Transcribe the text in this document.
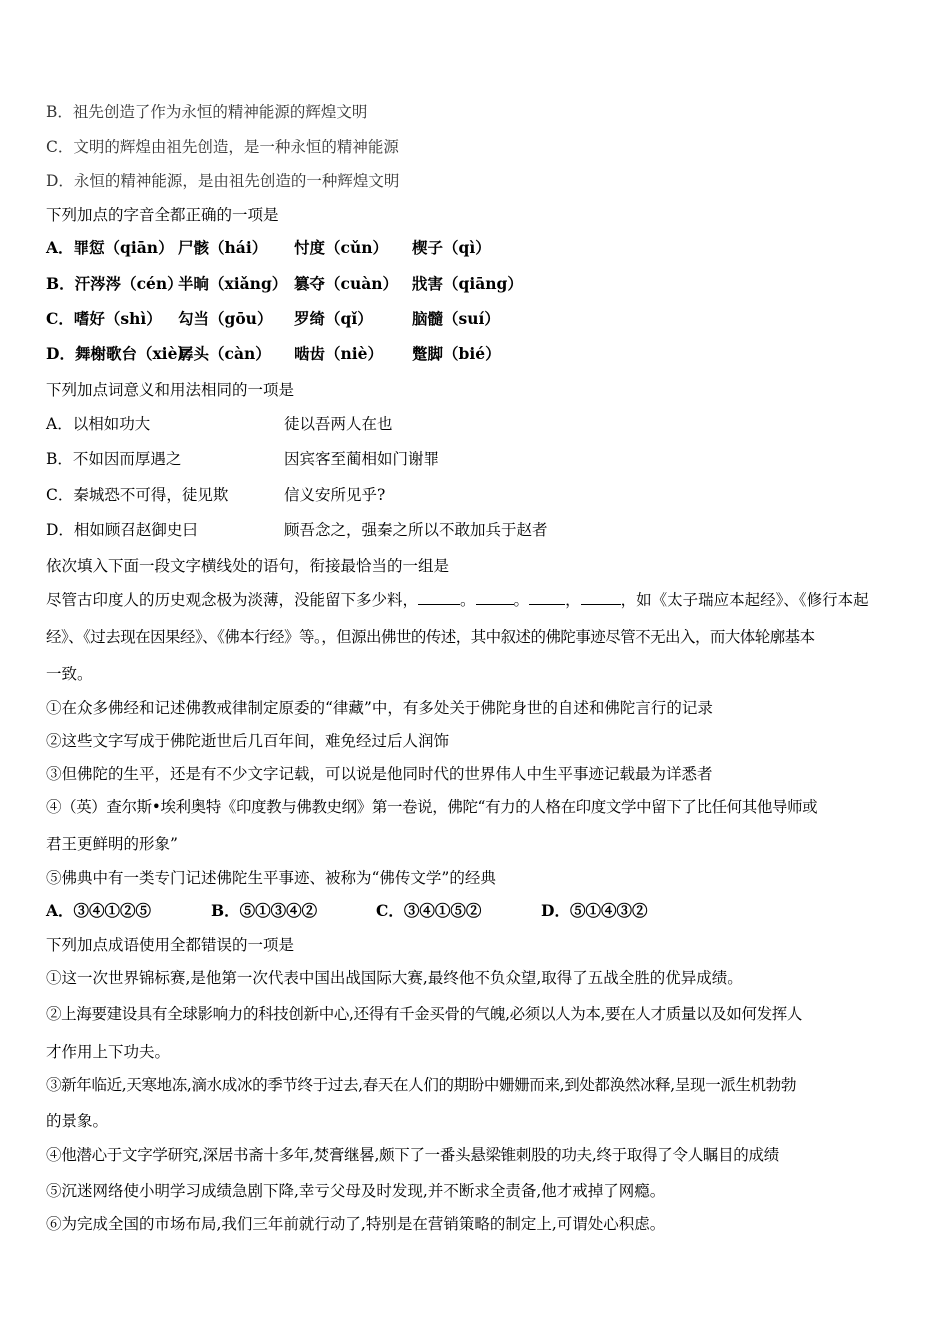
B．祖先创造了作为永恒的精神能源的辉煌文明
C．文明的辉煌由祖先创造，是一种永恒的精神能源
D．永恒的精神能源，是由祖先创造的一种辉煌文明
下列加点的字音全都正确的一项是
A．罪愆（qiān） 尸骸（hái） 忖度（cǔn） 楔子（qì）
B．汗涔涔（cén）半晌（xiǎng） 篡夺（cuàn） 戕害（qiāng）
C．嗜好（shì） 勾当（gōu） 罗绮（qǐ）	脑髓（suí）
D．舞榭歌台（xiè）孱头（càn） 啮齿（niè） 蹩脚（bié）
下列加点词意义和用法相同的一项是
A．以相如功大	徒以吾两人在也
B．不如因而厚遇之	因宾客至蔺相如门谢罪
C．秦城恐不可得，徒见欺	信义安所见乎?
D．相如顾召赵御史曰	顾吾念之，强秦之所以不敢加兵于赵者
依次填入下面一段文字横线处的语句，衔接最恰当的一组是
尽管古印度人的历史观念极为淡薄，没能留下多少料，	。 。 ，	，如《太子瑞应本起经》、《修行本起
经》、《过去现在因果经》、《佛本行经》等。，但源出佛世的传述，其中叙述的佛陀事迹尽管不无出入，而大体轮廓基本
一致。
①在众多佛经和记述佛教戒律制定原委的“律藏”中，有多处关于佛陀身世的自述和佛陀言行的记录
②这些文字写成于佛陀逝世后几百年间，难免经过后人润饰
③但佛陀的生平，还是有不少文字记载，可以说是他同时代的世界伟人中生平事迹记载最为详悉者
④（英）查尔斯•埃利奥特《印度教与佛教史纲》第一卷说，佛陀“有力的人格在印度文学中留下了比任何其他导师或
君王更鲜明的形象”
⑤佛典中有一类专门记述佛陀生平事迹、被称为“佛传文学”的经典
A．③④①②⑤	B．⑤①③④②	C．③④①⑤②	D．⑤①④③②
下列加点成语使用全都错误的一项是
①这一次世界锦标赛,是他第一次代表中国出战国际大赛,最终他不负众望,取得了五战全胜的优异成绩。
②上海要建设具有全球影响力的科技创新中心,还得有千金买骨的气魄,必须以人为本,要在人才质量以及如何发挥人
才作用上下功夫。
③新年临近,天寒地冻,滴水成冰的季节终于过去,春天在人们的期盼中姗姗而来,到处都涣然冰释,呈现一派生机勃勃
的景象。
④他潜心于文字学研究,深居书斋十多年,焚膏继晷,颇下了一番头悬梁锥刺股的功夫,终于取得了令人瞩目的成绩
⑤沉迷网络使小明学习成绩急剧下降,幸亏父母及时发现,并不断求全责备,他才戒掉了网瘾。
⑥为完成全国的市场布局,我们三年前就行动了,特别是在营销策略的制定上,可谓处心积虑。
